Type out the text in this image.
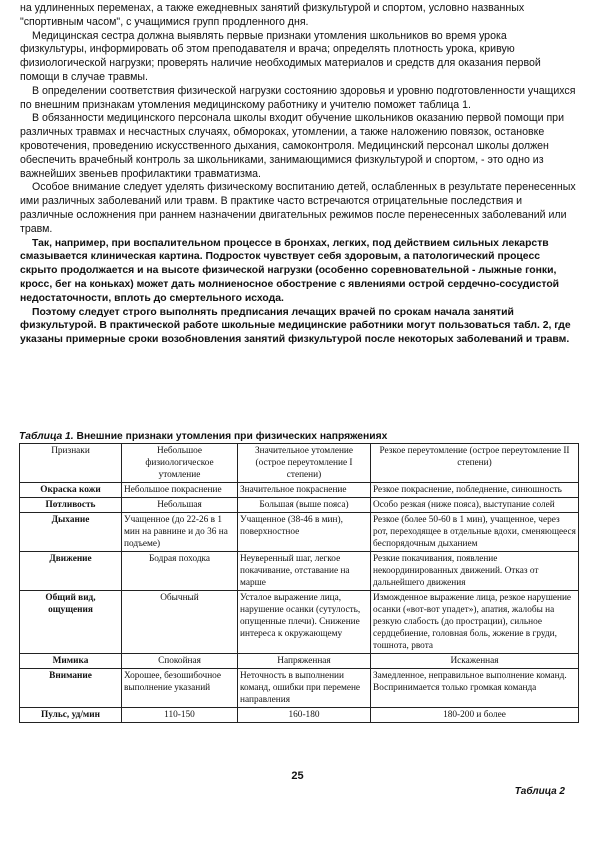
на удлиненных переменах, а также ежедневных занятий физкультурой и спортом, условно названных "спортивным часом", с учащимися групп продленного дня.

Медицинская сестра должна выявлять первые признаки утомления школьников во время урока физкультуры, информировать об этом преподавателя и врача; определять плотность урока, кривую физиологической нагрузки; проверять наличие необходимых материалов и средств для оказания первой помощи в случае травмы.

В определении соответствия физической нагрузки состоянию здоровья и уровню подготовленности учащихся по внешним признакам утомления медицинскому работнику и учителю поможет таблица 1.

В обязанности медицинского персонала школы входит обучение школьников оказанию первой помощи при различных травмах и несчастных случаях, обмороках, утомлении, а также наложению повязок, остановке кровотечения, проведению искусственного дыхания, самоконтроля. Медицинский персонал школы должен обеспечить врачебный контроль за школьниками, занимающимися физкультурой и спортом, - это одно из важнейших звеньев профилактики травматизма.

Особое внимание следует уделять физическому воспитанию детей, ослабленных в результате перенесенных ими различных заболеваний или травм. В практике часто встречаются отрицательные последствия и различные осложнения при раннем назначении двигательных режимов после перенесенных заболеваний или травм.

Так, например, при воспалительном процессе в бронхах, легких, под действием сильных лекарств смазывается клиническая картина. Подросток чувствует себя здоровым, а патологический процесс скрыто продолжается и на высоте физической нагрузки (особенно соревновательной - лыжные гонки, кросс, бег на коньках) может дать молниеносное обострение с явлениями острой сердечно-сосудистой недостаточности, вплоть до смертельного исхода.

Поэтому следует строго выполнять предписания лечащих врачей по срокам начала занятий физкультурой. В практической работе школьные медицинские работники могут пользоваться табл. 2, где указаны примерные сроки возобновления занятий физкультурой после некоторых заболеваний и травм.

Таблица 1. Внешние признаки утомления при физических напряжениях
Признаки	Небольшое физиологическое утомление	Значительное утомление (острое переутомление I степени)	Резкое переутомление (острое переутомление II степени)
Окраска кожи	Небольшое покраснение	Значительное покраснение	Резкое покраснение, побледнение, синюшность
Потливость	Небольшая	Большая (выше пояса)	Особо резкая (ниже пояса), выступание солей
Дыхание	Учащенное (до 22-26 в 1 мин на равнине и до 36 на подъеме)	Учащенное (38-46 в мин), поверхностное	Резкое (более 50-60 в 1 мин), учащенное, через рот, переходящее в отдельные вдохи, сменяющееся беспорядочным дыханием
Движение	Бодрая походка	Неуверенный шаг, легкое покачивание, отставание на марше	Резкие покачивания, появление некоординированных движений. Отказ от дальнейшего движения
Общий вид, ощущения	Обычный	Усталое выражение лица, нарушение осанки (сутулость, опущенные плечи). Снижение интереса к окружающему	Изможденное выражение лица, резкое нарушение осанки («вот-вот упадет»), апатия, жалобы на резкую слабость (до прострации), сильное сердцебиение, головная боль, жжение в груди, тошнота, рвота
Мимика	Спокойная	Напряженная	Искаженная
Внимание	Хорошее, безошибочное выполнение указаний	Неточность в выполнении команд, ошибки при перемене направления	Замедленное, неправильное выполнение команд. Воспринимается только громкая команда
Пульс, уд/мин	110-150	160-180	180-200 и более
25
Таблица 2
